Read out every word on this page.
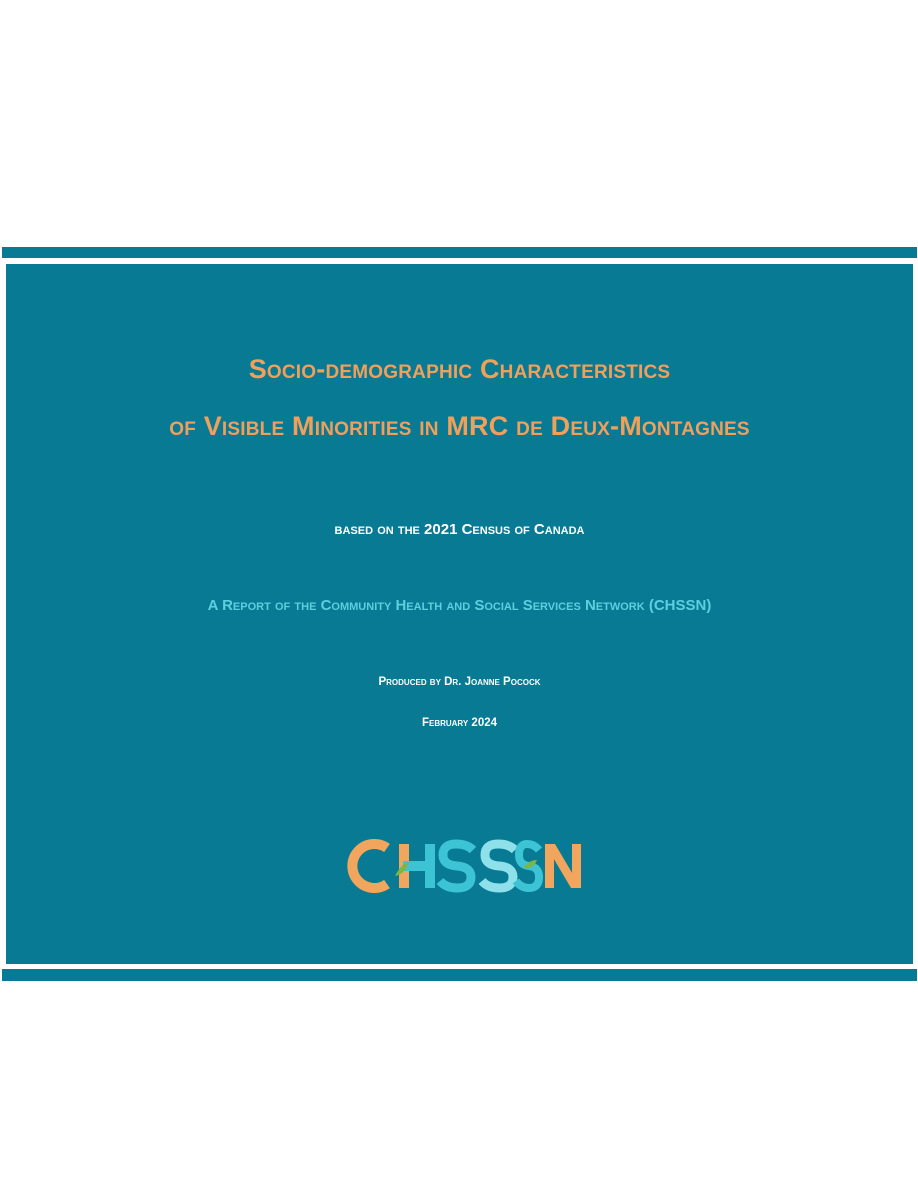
Socio-demographic Characteristics
of Visible Minorities in MRC de Deux-Montagnes
based on the 2021 Census of Canada
A Report of the Community Health and Social Services Network (CHSSN)
Produced by Dr. Joanne Pocock
February 2024
